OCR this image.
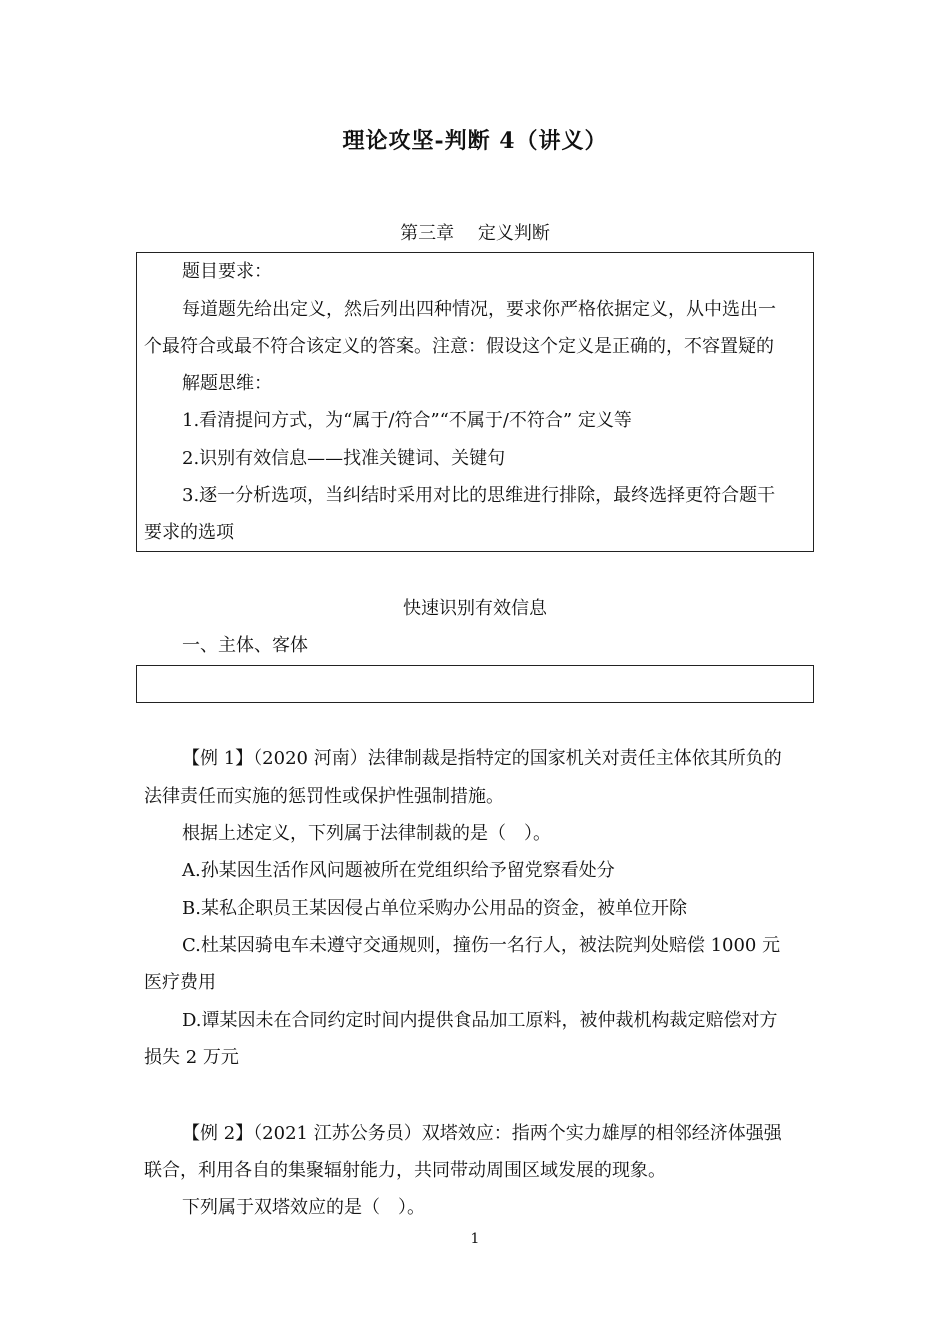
理论攻坚-判断 4（讲义）
第三章　 定义判断
题目要求：
每道题先给出定义，然后列出四种情况，要求你严格依据定义，从中选出一
个最符合或最不符合该定义的答案。注意：假设这个定义是正确的，不容置疑的
解题思维：
1.看清提问方式，为“属于/符合”“不属于/不符合” 定义等
2.识别有效信息——找准关键词、关键句
3.逐一分析选项，当纠结时采用对比的思维进行排除，最终选择更符合题干
要求的选项
快速识别有效信息
一、主体、客体
【例 1】（2020 河南）法律制裁是指特定的国家机关对责任主体依其所负的
法律责任而实施的惩罚性或保护性强制措施。
根据上述定义，下列属于法律制裁的是（　）。
A.孙某因生活作风问题被所在党组织给予留党察看处分
B.某私企职员王某因侵占单位采购办公用品的资金，被单位开除
C.杜某因骑电车未遵守交通规则，撞伤一名行人，被法院判处赔偿 1000 元
医疗费用
D.谭某因未在合同约定时间内提供食品加工原料，被仲裁机构裁定赔偿对方
损失 2 万元
【例 2】（2021 江苏公务员）双塔效应：指两个实力雄厚的相邻经济体强强
联合，利用各自的集聚辐射能力，共同带动周围区域发展的现象。
下列属于双塔效应的是（　）。
1
